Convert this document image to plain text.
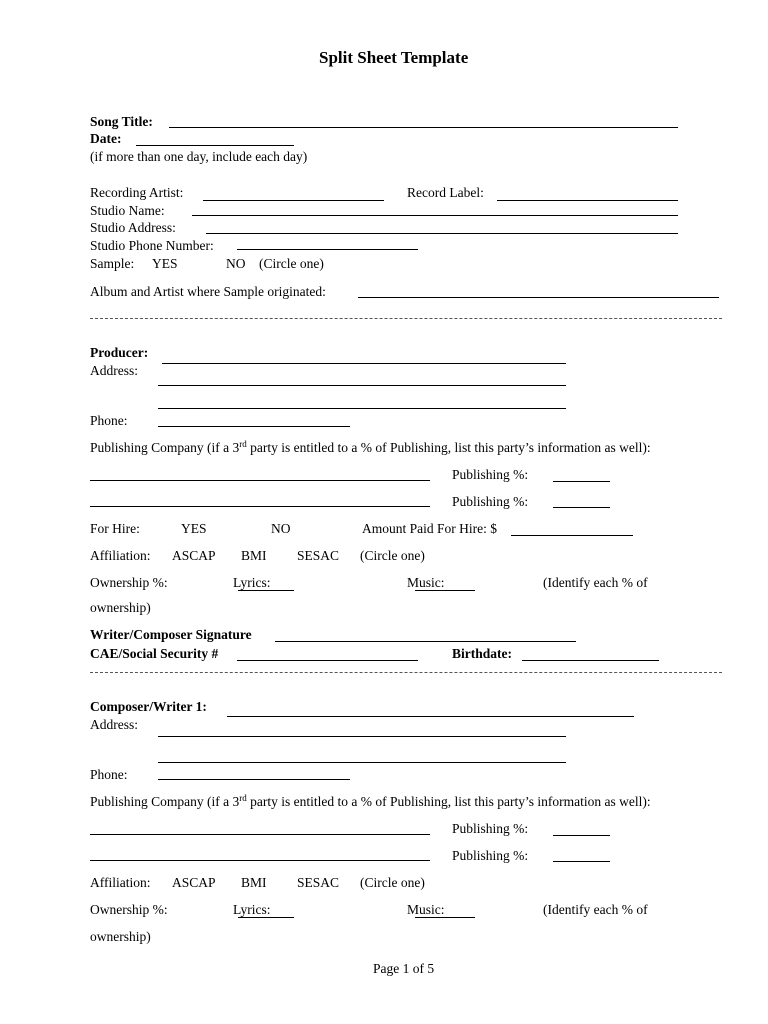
Split Sheet Template
Song Title:
Date:
(if more than one day, include each day)
Recording Artist:	Record Label:
Studio Name:
Studio Address:
Studio Phone Number:
Sample: YES	NO (Circle one)
Album and Artist where Sample originated:
Producer:
Address:
Phone:
Publishing Company (if a 3rd party is entitled to a % of Publishing, list this party’s information as well):
Publishing %:
Publishing %:
For Hire:	YES	NO	Amount Paid For Hire: $
Affiliation: ASCAP BMI SESAC (Circle one)
Ownership %:	Lyrics:	Music:	(Identify each % of
ownership)
Writer/Composer Signature
CAE/Social Security #	Birthdate:
Composer/Writer 1:
Address:
Phone:
Publishing Company (if a 3rd party is entitled to a % of Publishing, list this party’s information as well):
Publishing %:
Publishing %:
Affiliation: ASCAP BMI SESAC (Circle one)
Ownership %:	Lyrics:	Music:	(Identify each % of
ownership)
Page 1 of 5
